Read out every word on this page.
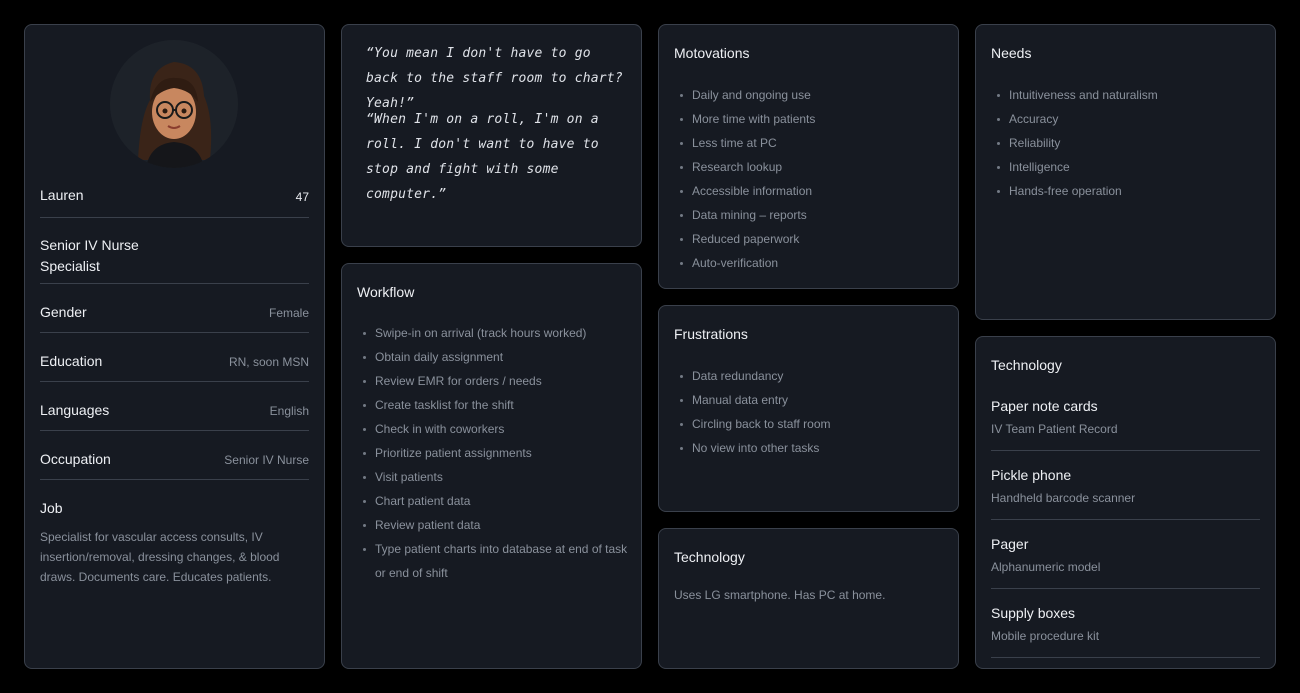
Lauren	47
Senior IV Nurse Specialist
Gender	Female
Education	RN, soon MSN
Languages	English
Occupation	Senior IV Nurse
Job
Specialist for vascular access consults, IV insertion/removal, dressing changes, & blood draws. Documents care. Educates patients.
“You mean I don't have to go back to the staff room to chart? Yeah!”
“When I'm on a roll, I'm on a roll. I don't want to have to stop and fight with some computer.”
Workflow
Swipe-in on arrival (track hours worked)
Obtain daily assignment
Review EMR for orders / needs
Create tasklist for the shift
Check in with coworkers
Prioritize patient assignments
Visit patients
Chart patient data
Review patient data
Type patient charts into database at end of task or end of shift
Motovations
Daily and ongoing use
More time with patients
Less time at PC
Research lookup
Accessible information
Data mining – reports
Reduced paperwork
Auto-verification
Frustrations
Data redundancy
Manual data entry
Circling back to staff room
No view into other tasks
Technology
Uses LG smartphone. Has PC at home.
Needs
Intuitiveness and naturalism
Accuracy
Reliability
Intelligence
Hands-free operation
Technology
Paper note cards
IV Team Patient Record
Pickle phone
Handheld barcode scanner
Pager
Alphanumeric model
Supply boxes
Mobile procedure kit
